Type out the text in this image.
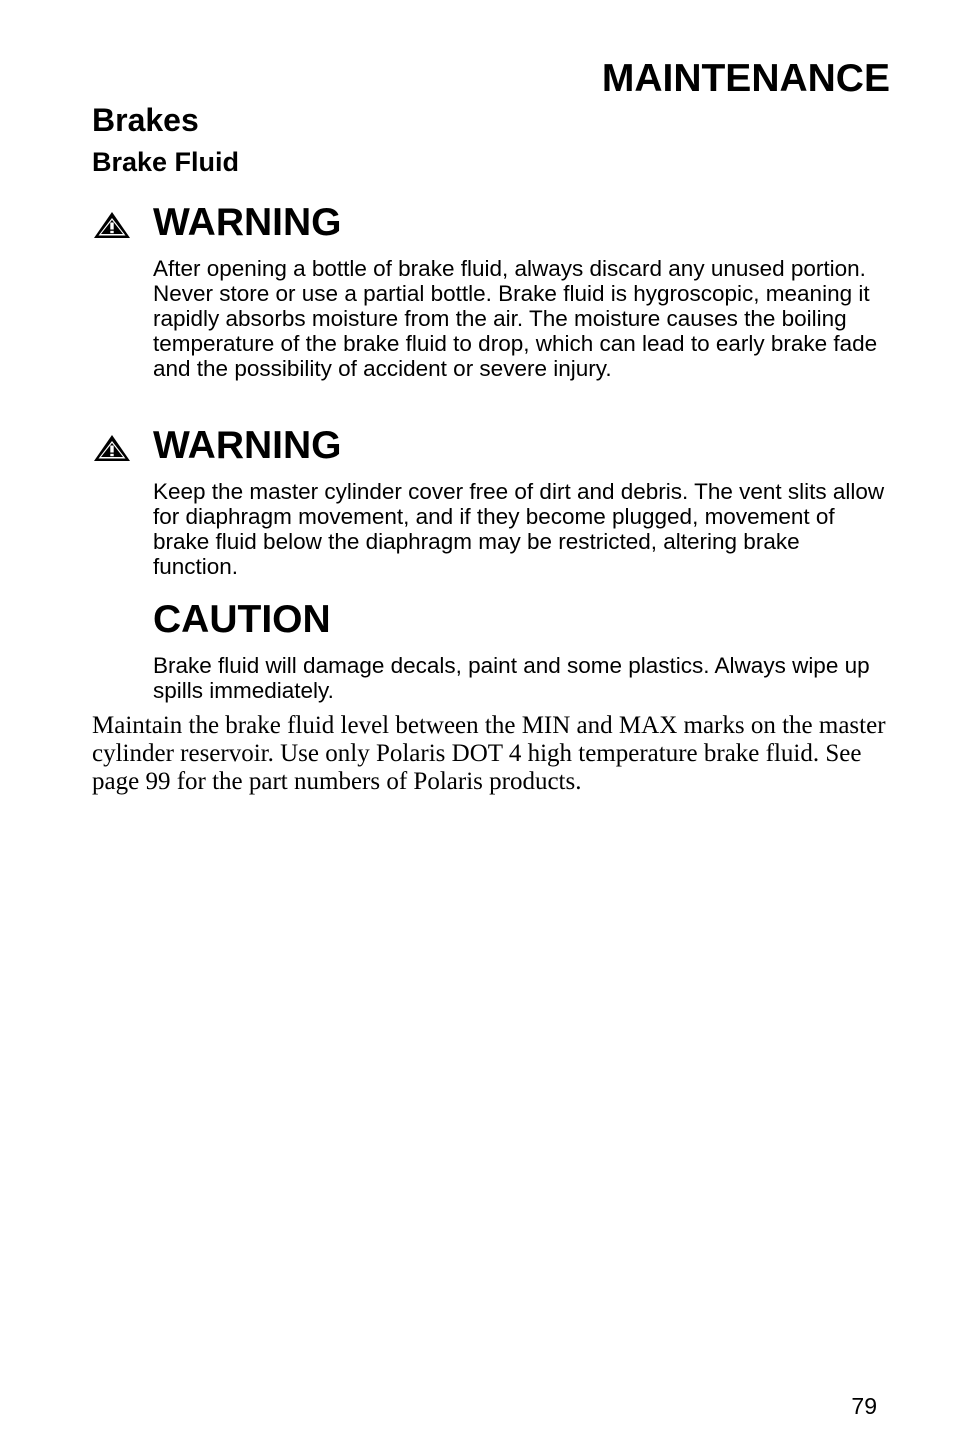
MAINTENANCE
Brakes
Brake Fluid
WARNING

After opening a bottle of brake fluid, always discard any unused portion. Never store or use a partial bottle. Brake fluid is hygroscopic, meaning it rapidly absorbs moisture from the air. The moisture causes the boiling temperature of the brake fluid to drop, which can lead to early brake fade and the possibility of accident or severe injury.

WARNING

Keep the master cylinder cover free of dirt and debris. The vent slits allow for diaphragm movement, and if they become plugged, movement of brake fluid below the diaphragm may be restricted, altering brake function.

CAUTION

Brake fluid will damage decals, paint and some plastics. Always wipe up spills immediately.

Maintain the brake fluid level between the MIN and MAX marks on the master cylinder reservoir. Use only Polaris DOT 4 high temperature brake fluid. See page 99 for the part numbers of Polaris products.

79
